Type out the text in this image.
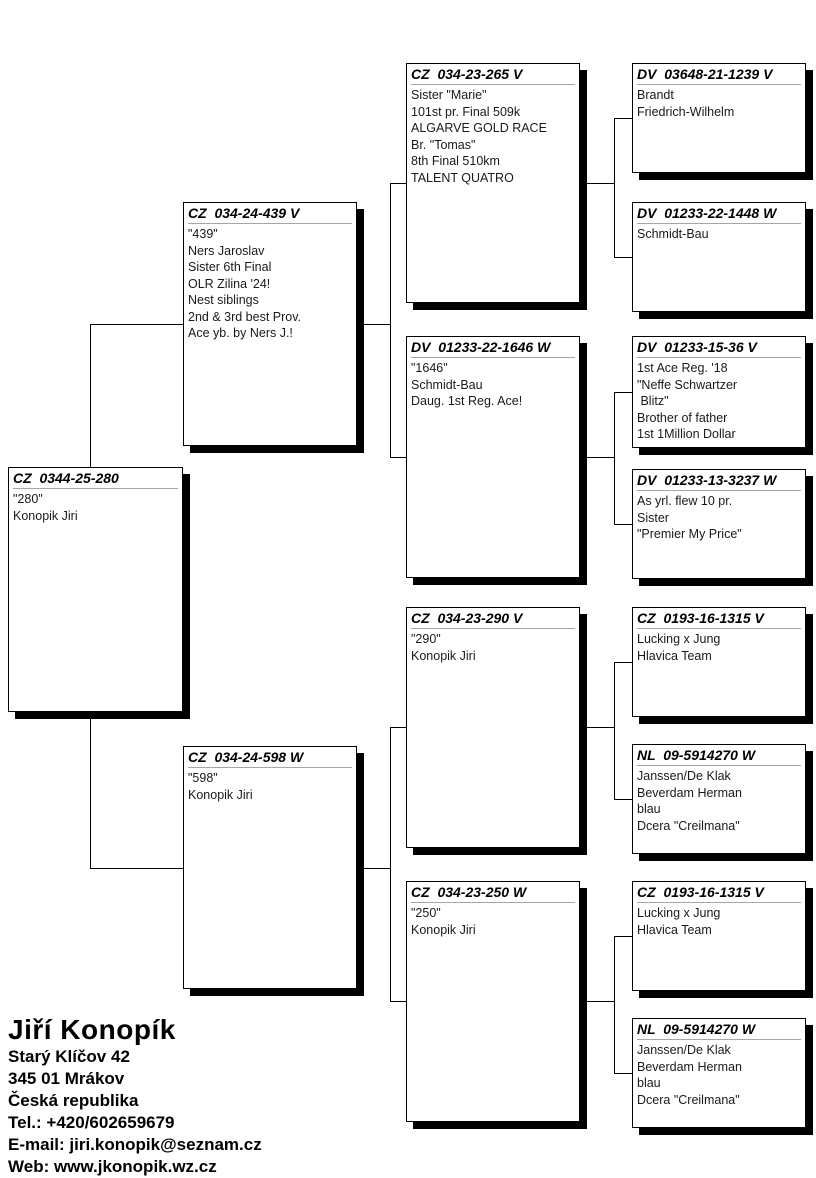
CZ  0344-25-280
"280"
Konopik Jiri
CZ  034-24-439 V
"439"
Ners Jaroslav
Sister 6th Final
OLR Zilina '24!
Nest siblings
2nd & 3rd best Prov.
Ace yb. by Ners J.!
CZ  034-24-598 W
"598"
Konopik Jiri
CZ  034-23-265 V
Sister "Marie"
101st pr. Final 509k
ALGARVE GOLD RACE
Br. "Tomas"
8th Final 510km
TALENT QUATRO
DV  01233-22-1646 W
"1646"
Schmidt-Bau
Daug. 1st Reg. Ace!
CZ  034-23-290 V
"290"
Konopik Jiri
CZ  034-23-250 W
"250"
Konopik Jiri
DV  03648-21-1239 V
Brandt
Friedrich-Wilhelm
DV  01233-22-1448 W
Schmidt-Bau
DV  01233-15-36 V
1st Ace Reg. '18
"Neffe Schwartzer
Blitz"
Brother of father
1st 1Million Dollar
DV  01233-13-3237 W
As yrl. flew 10 pr.
Sister
"Premier My Price"
CZ  0193-16-1315 V
Lucking x Jung
Hlavica Team
NL  09-5914270 W
Janssen/De Klak
Beverdam Herman
blau
Dcera "Creilmana"
CZ  0193-16-1315 V
Lucking x Jung
Hlavica Team
NL  09-5914270 W
Janssen/De Klak
Beverdam Herman
blau
Dcera "Creilmana"
Jiří Konopík
Starý Klíčov 42
345 01 Mrákov
Česká republika
Tel.: +420/602659679
E-mail: jiri.konopik@seznam.cz
Web: www.jkonopik.wz.cz
